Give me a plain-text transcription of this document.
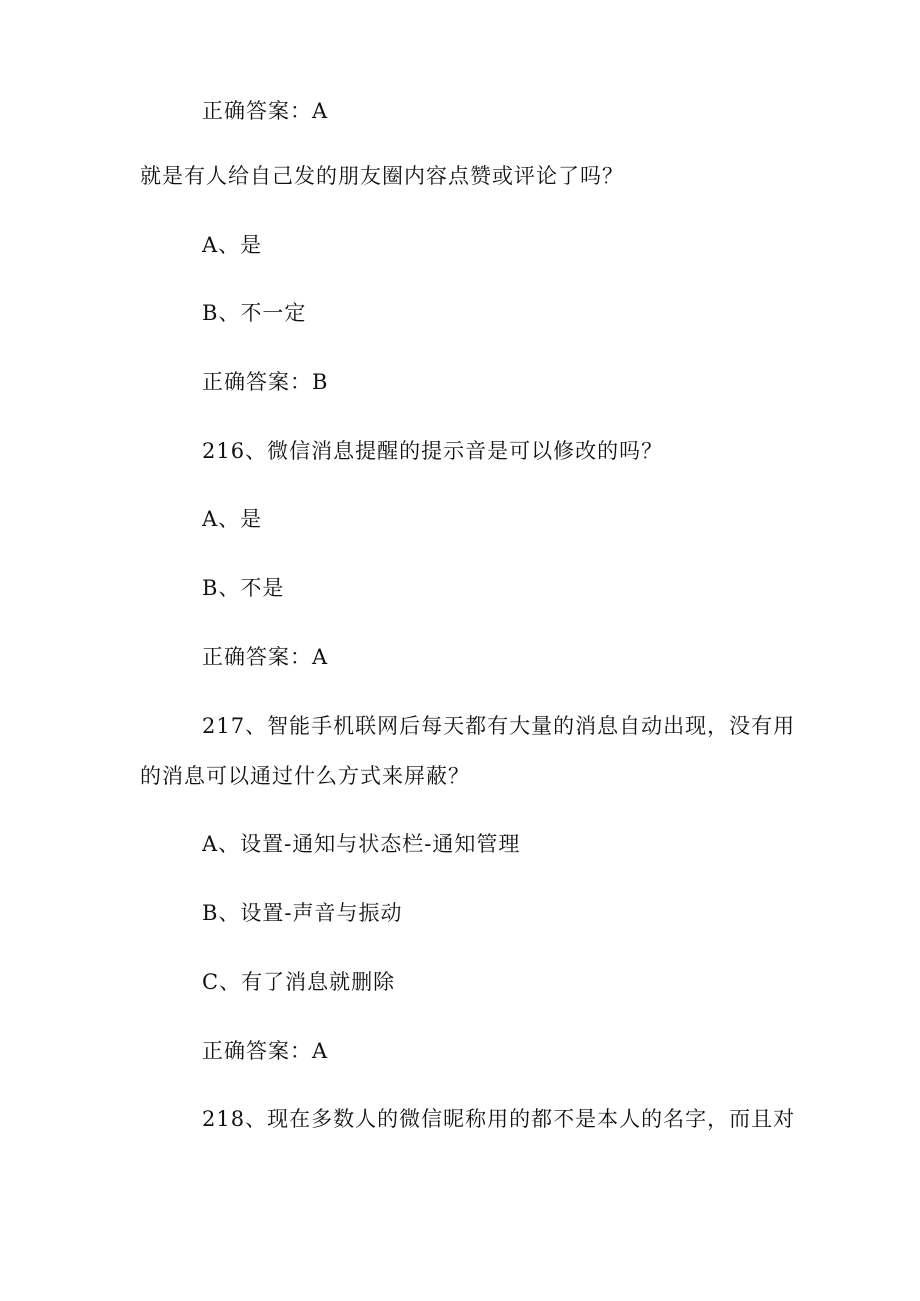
正确答案：A
就是有人给自己发的朋友圈内容点赞或评论了吗？
A、是
B、不一定
正确答案：B
216、微信消息提醒的提示音是可以修改的吗？
A、是
B、不是
正确答案：A
217、智能手机联网后每天都有大量的消息自动出现，没有用
的消息可以通过什么方式来屏蔽？
A、设置-通知与状态栏-通知管理
B、设置-声音与振动
C、有了消息就删除
正确答案：A
218、现在多数人的微信昵称用的都不是本人的名字，而且对
